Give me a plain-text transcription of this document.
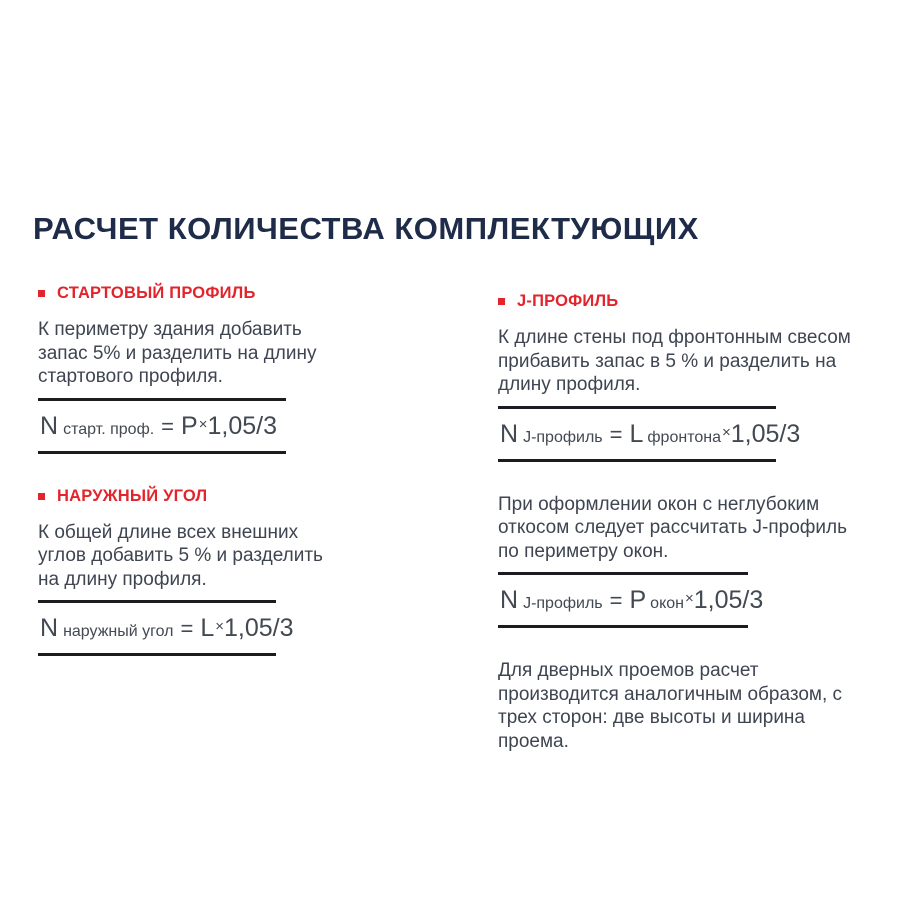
РАСЧЕТ КОЛИЧЕСТВА КОМПЛЕКТУЮЩИХ
СТАРТОВЫЙ ПРОФИЛЬ

К периметру здания добавить запас 5% и разделить на длину стартового профиля.

Nстарт. проф. = P×1,05/3
НАРУЖНЫЙ УГОЛ

К общей длине всех внешних углов добавить 5 % и разделить на длину профиля.

Nнаружный угол = L×1,05/3
J-ПРОФИЛЬ

К длине стены под фронтонным свесом прибавить запас в 5 % и разделить на длину профиля.

N J-профиль = L фронтона×1,05/3

При оформлении окон с неглубоким откосом следует рассчитать J-профиль по периметру окон.

N J-профиль = P окон×1,05/3

Для дверных проемов расчет производится аналогичным образом, с трех сторон: две высоты и ширина проема.
